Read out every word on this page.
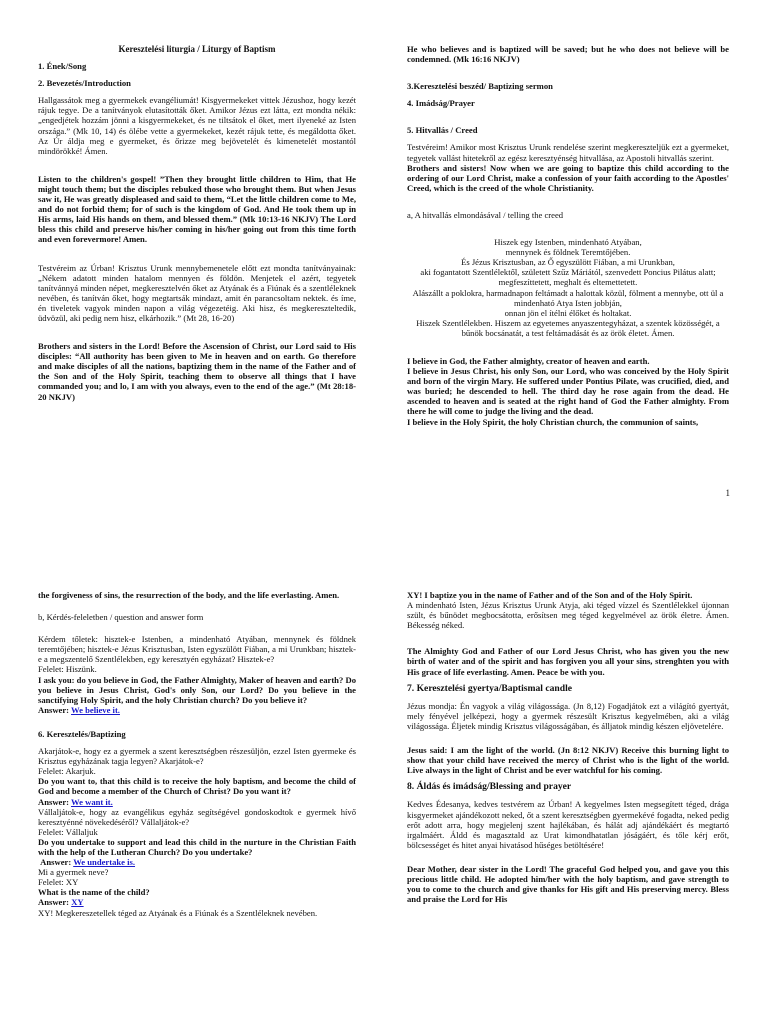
Keresztelési liturgia / Liturgy of Baptism

1. Ének/Song

2. Bevezetés/Introduction

Hallgassátok meg a gyermekek evangéliumát! Kisgyermekeket vittek Jézushoz, hogy kezét rájuk tegye. De a tanítványok elutasították őket. Amikor Jézus ezt látta, ezt mondta nékik: „engedjétek hozzám jönni a kisgyermekeket, és ne tiltsátok el őket, mert ilyeneké az Isten országa.” (Mk 10, 14) és ölébe vette a gyermekeket, kezét rájuk tette, és megáldotta őket. Az Úr áldja meg e gyermeket, és őrizze meg bejövetelét és kimenetelét mostantól mindörökké! Ámen.

Listen to the children's gospel! ”Then they brought little children to Him, that He might touch them; but the disciples rebuked those who brought them. But when Jesus saw it, He was greatly displeased and said to them, “Let the little children come to Me, and do not forbid them; for of such is the kingdom of God. And He took them up in His arms, laid His hands on them, and blessed them.” (Mk 10:13-16 NKJV) The Lord bless this child and preserve his/her coming in his/her going out from this time forth and even forevermore! Amen.

Testvéreim az Úrban! Krisztus Urunk mennybemenetele előtt ezt mondta tanítványainak: „Nékem adatott minden hatalom mennyen és földön. Menjetek el azért, tegyetek tanítvánnyá minden népet, megkeresztelvén őket az Atyának és a Fiúnak és a szentléleknek nevében, és tanítván őket, hogy megtartsák mindazt, amit én parancsoltam nektek. és íme, én tiveletek vagyok minden napon a világ végezetéig. Aki hisz, és megkereszteltedik, üdvözül, aki pedig nem hisz, elkárhozik.” (Mt 28, 16-20)

Brothers and sisters in the Lord! Before the Ascension of Christ, our Lord said to His disciples: “All authority has been given to Me in heaven and on earth. Go therefore and make disciples of all the nations, baptizing them in the name of the Father and of the Son and of the Holy Spirit, teaching them to observe all things that I have commanded you; and lo, I am with you always, even to the end of the age.” (Mt 28:18-20 NKJV)

He who believes and is baptized will be saved; but he who does not believe will be condemned. (Mk 16:16 NKJV)

3.Keresztelési beszéd/ Baptizing sermon

4. Imádság/Prayer

5. Hitvallás / Creed

Testvéreim! Amikor most Krisztus Urunk rendelése szerint megkereszteljük ezt a gyermeket, tegyetek vallást hitetekről az egész keresztyénség hitvallása, az Apostoli hitvallás szerint.

Brothers and sisters! Now when we are going to baptize this child according to the ordering of our Lord Christ, make a confession of your faith according to the Apostles' Creed, which is the creed of the whole Christianity.

a, A hitvallás elmondásával / telling the creed

Hiszek egy Istenben, mindenható Atyában,

mennynek és földnek Teremtőjében.

És Jézus Krisztusban, az Ő egyszülött Fiában, a mi Urunkban,

aki fogantatott Szentlélektől, született Szűz Máriától, szenvedett Poncius Pilátus alatt; megfeszíttetett, meghalt és eltemettetett.

Alászállt a poklokra, harmadnapon feltámadt a halottak közül, fölment a mennybe, ott ül a mindenható Atya Isten jobbján,

onnan jön el ítélni élőket és holtakat.

Hiszek Szentlélekben. Hiszem az egyetemes anyaszentegyházat, a szentek közösségét, a bűnök bocsánatát, a test feltámadását és az örök életet. Ámen.

I believe in God, the Father almighty, creator of heaven and earth.

I believe in Jesus Christ, his only Son, our Lord, who was conceived by the Holy Spirit and born of the virgin Mary. He suffered under Pontius Pilate, was crucified, died, and was buried; he descended to hell. The third day he rose again from the dead. He ascended to heaven and is seated at the right hand of God the Father almighty. From there he will come to judge the living and the dead.

I believe in the Holy Spirit, the holy Christian church, the communion of saints,

1

the forgiveness of sins, the resurrection of the body, and the life everlasting. Amen.

b, Kérdés-feleletben / question and answer form

Kérdem tőletek: hisztek-e Istenben, a mindenható Atyában, mennynek és földnek teremtőjében; hisztek-e Jézus Krisztusban, Isten egyszülött Fiában, a mi Urunkban; hisztek-e a megszentelő Szentlélekben, egy keresztyén egyházat? Hisztek-e?

Felelet: Hiszünk.

I ask you: do you believe in God, the Father Almighty, Maker of heaven and earth? Do you believe in Jesus Christ, God's only Son, our Lord? Do you believe in the sanctifying Holy Spirit, and the holy Christian church? Do you believe it?

Answer: We believe it.

6. Keresztelés/Baptizing

Akarjátok-e, hogy ez a gyermek a szent keresztségben részesüljön, ezzel Isten gyermeke és Krisztus egyházának tagja legyen? Akarjátok-e?

Felelet: Akarjuk.

Do you want to, that this child is to receive the holy baptism, and become the child of God and become a member of the Church of Christ? Do you want it?

Answer: We want it.

Vállaljátok-e, hogy az evangélikus egyház segítségével gondoskodtok e gyermek hívő keresztyénné növekedéséről? Vállaljátok-e?

Felelet: Vállaljuk

Do you undertake to support and lead this child in the nurture in the Christian Faith with the help of the Lutheran Church? Do you undertake?

Answer: We undertake is.

Mi a gyermek neve?

Felelet: XY

What is the name of the child?

Answer: XY

XY! Megkereszetellek téged az Atyának és a Fiúnak és a Szentléleknek nevében.

XY! I baptize you in the name of Father and of the Son and of the Holy Spirit.

A mindenható Isten, Jézus Krisztus Urunk Atyja, aki téged vízzel és Szentlélekkel újonnan szült, és bűnödet megbocsátotta, erősítsen meg téged kegyelmével az örök életre. Ámen. Békesség néked.

The Almighty God and Father of our Lord Jesus Christ, who has given you the new birth of water and of the spirit and has forgiven you all your sins, strenghten you with His grace of life everlasting. Amen. Peace be with you.

7. Keresztelési gyertya/Baptismal candle

Jézus mondja: Én vagyok a világ világossága. (Jn 8,12) Fogadjátok ezt a világító gyertyát, mely fényével jelképezi, hogy a gyermek részesült Krisztus kegyelmében, aki a világ világossága. Éljetek mindig Krisztus világosságában, és álljatok mindig készen eljövetelére.

Jesus said: I am the light of the world. (Jn 8:12 NKJV) Receive this burning light to show that your child have received the mercy of Christ who is the light of the world. Live always in the light of Christ and be ever watchful for his coming.

8. Áldás és imádság/Blessing and prayer

Kedves Édesanya, kedves testvérem az Úrban! A kegyelmes Isten megsegített téged, drága kisgyermeket ajándékozott neked, őt a szent keresztségben gyermekévé fogadta, neked pedig erőt adott arra, hogy megjelenj szent hajlékában, és hálát adj ajándékáért és megtartó irgalmáért. Áldd és magasztald az Urat kimondhatatlan jóságáért, és tőle kérj erőt, bölcsességet és hitet anyai hivatásod hűséges betöltésére!

Dear Mother, dear sister in the Lord! The graceful God helped you, and gave you this precious little child. He adopted him/her with the holy baptism, and gave strength to you to come to the church and give thanks for His gift and His preserving mercy. Bless and praise the Lord for His
